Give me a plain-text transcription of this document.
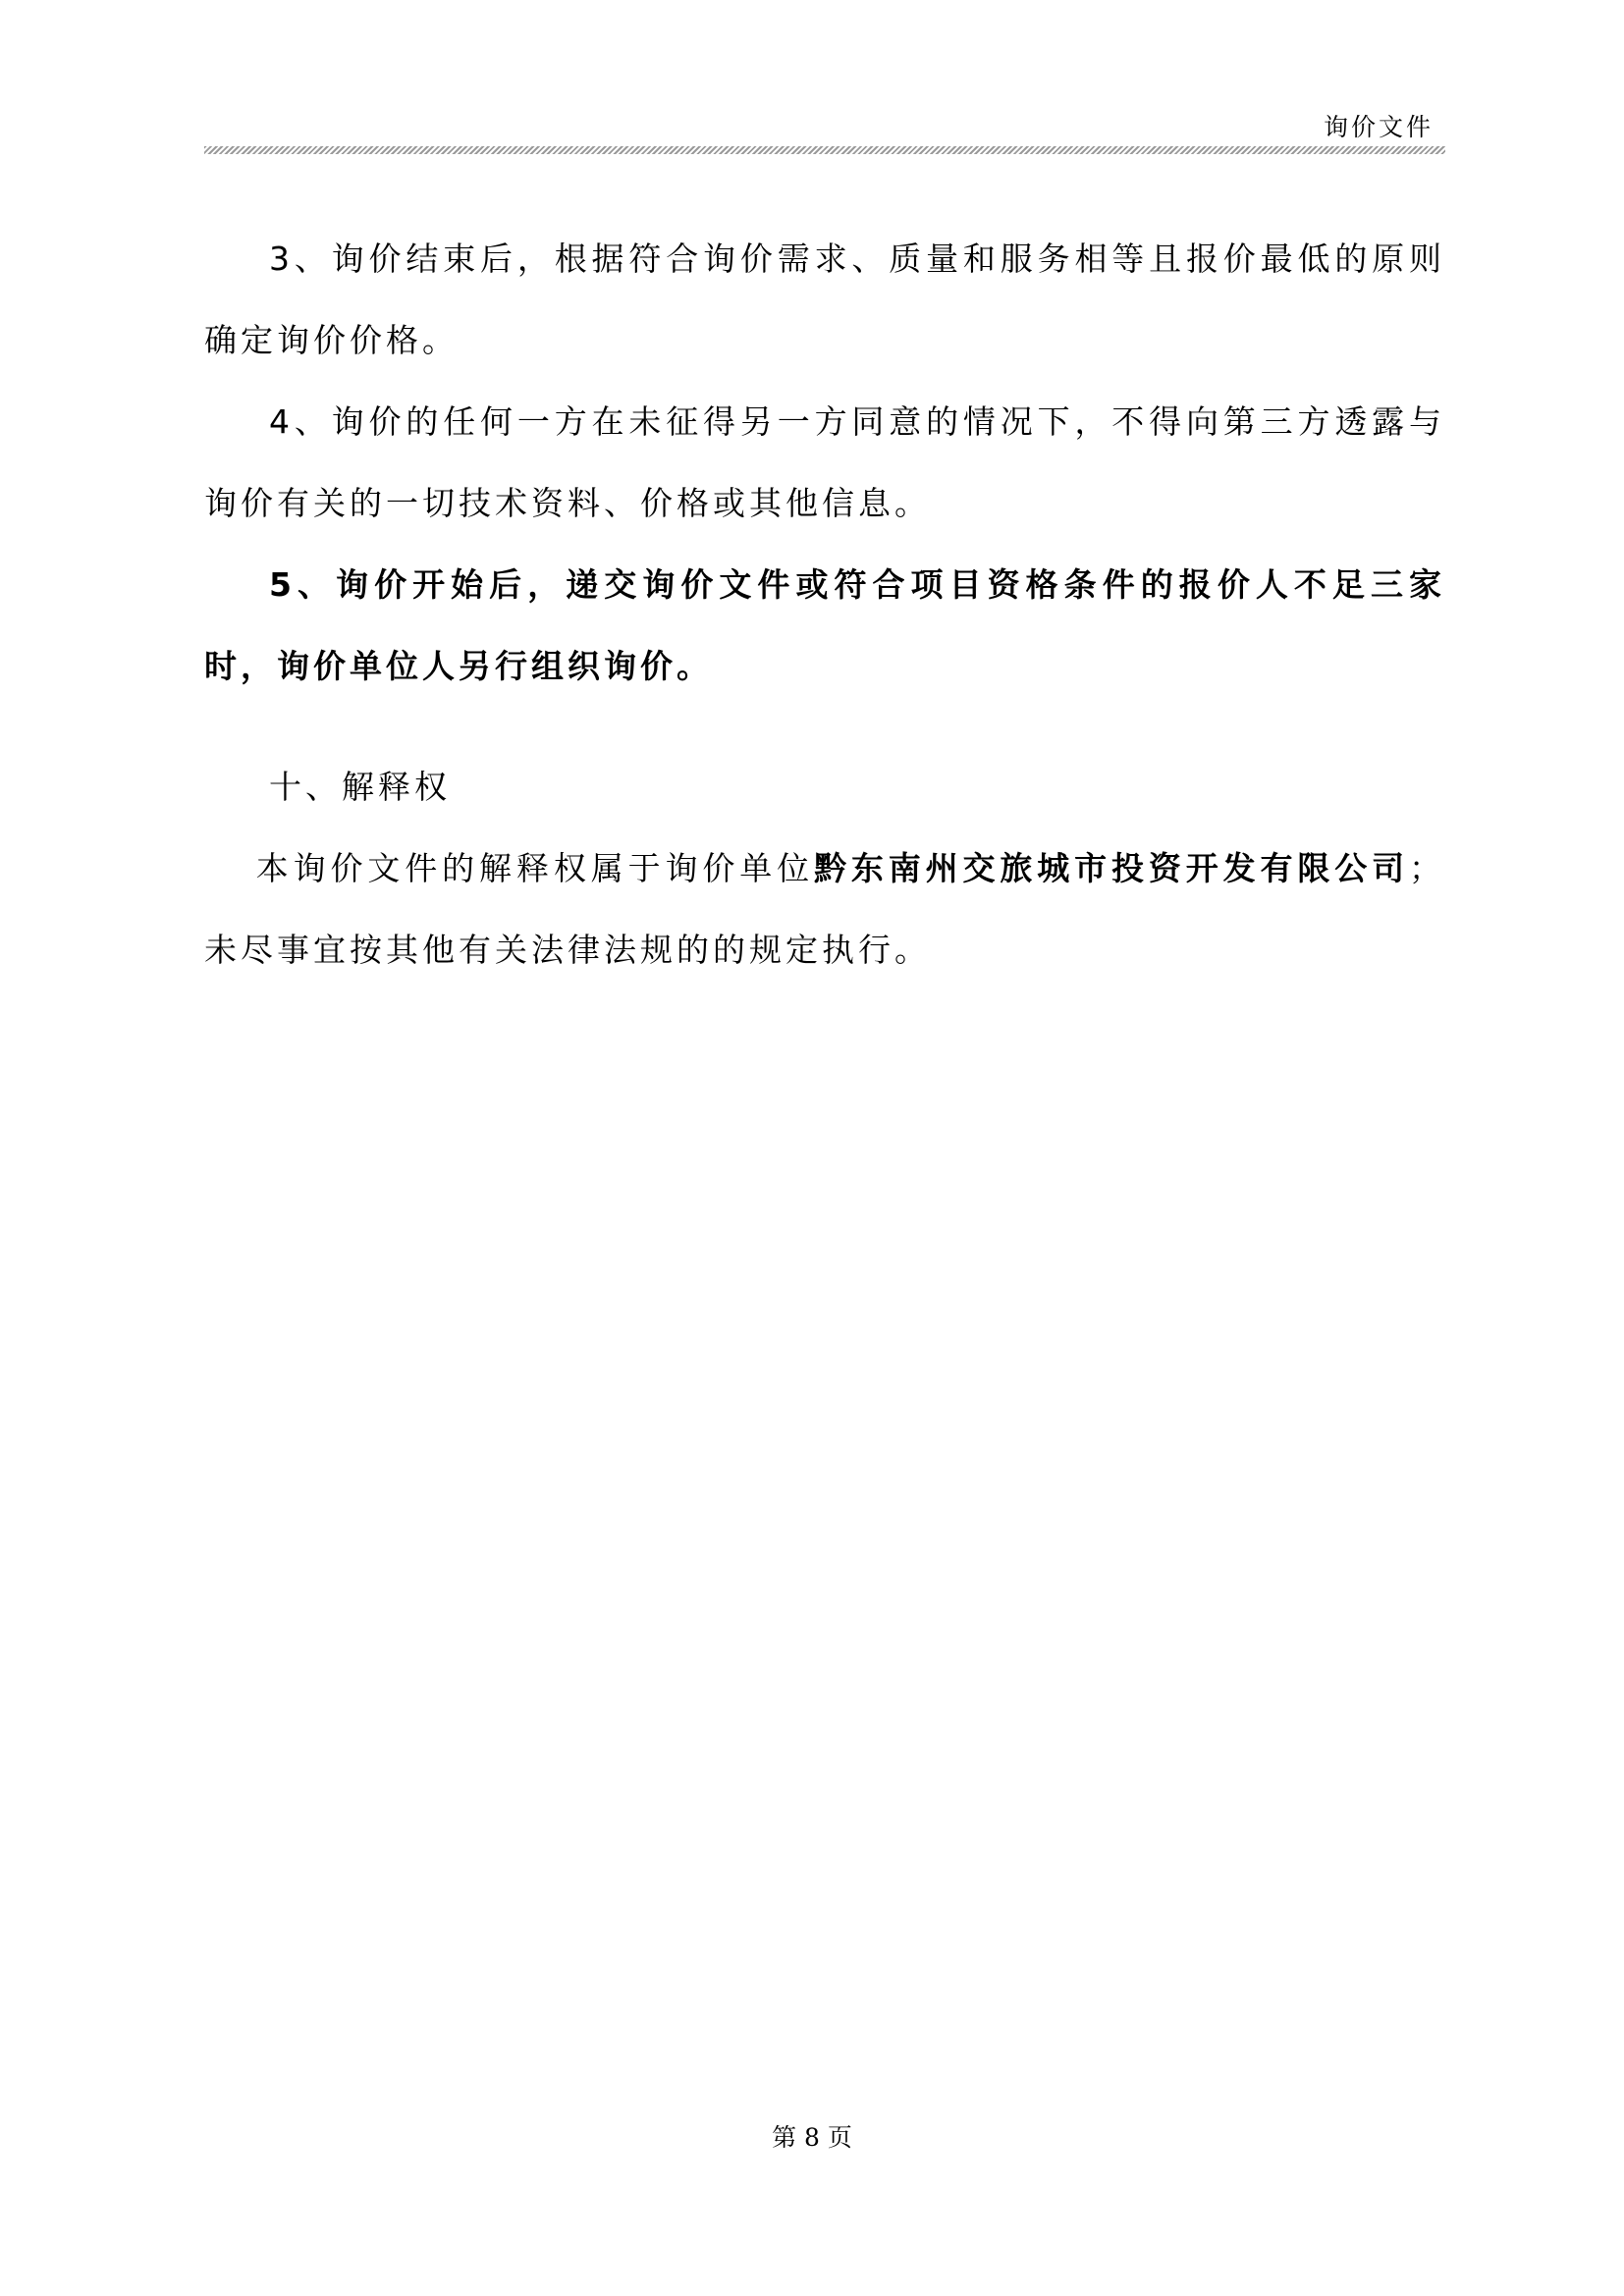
询价文件

3、询价结束后，根据符合询价需求、质量和服务相等且报价最低的原则确定询价价格。

4、询价的任何一方在未征得另一方同意的情况下，不得向第三方透露与询价有关的一切技术资料、价格或其他信息。

5、询价开始后，递交询价文件或符合项目资格条件的报价人不足三家时，询价单位人另行组织询价。

十、解释权

本询价文件的解释权属于询价单位黔东南州交旅城市投资开发有限公司；未尽事宜按其他有关法律法规的的规定执行。

第 8 页
